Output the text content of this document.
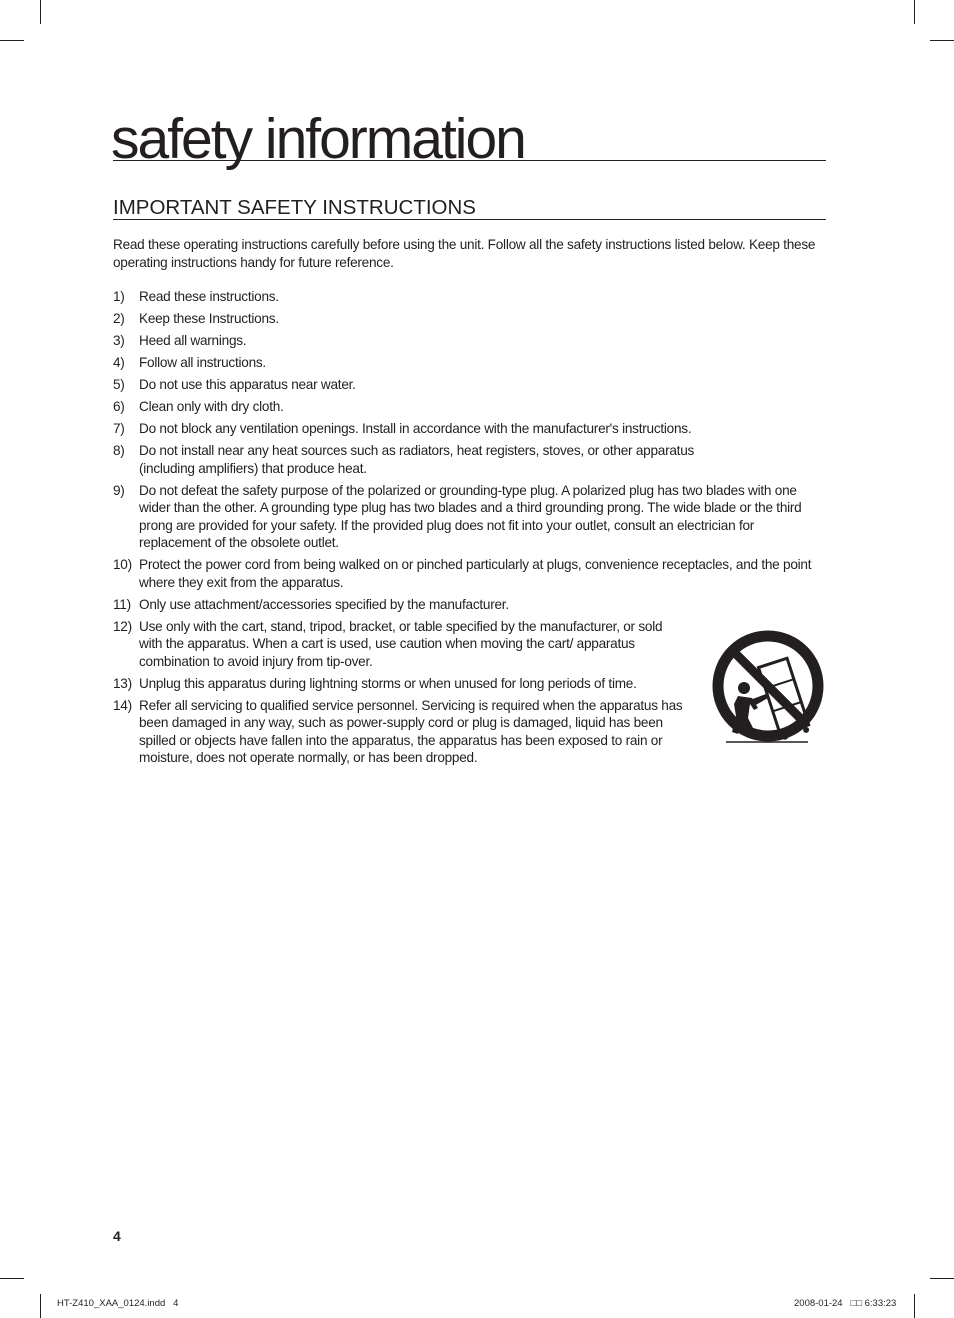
safety information
IMPORTANT SAFETY INSTRUCTIONS

Read these operating instructions carefully before using the unit. Follow all the safety instructions listed below. Keep these operating instructions handy for future reference.

1) Read these instructions.
2) Keep these Instructions.
3) Heed all warnings.
4) Follow all instructions.
5) Do not use this apparatus near water.
6) Clean only with dry cloth.
7) Do not block any ventilation openings. Install in accordance with the manufacturer's instructions.
8) Do not install near any heat sources such as radiators, heat registers, stoves, or other apparatus (including amplifiers) that produce heat.
9) Do not defeat the safety purpose of the polarized or grounding-type plug. A polarized plug has two blades with one wider than the other. A grounding type plug has two blades and a third grounding prong. The wide blade or the third prong are provided for your safety. If the provided plug does not fit into your outlet, consult an electrician for replacement of the obsolete outlet.
10) Protect the power cord from being walked on or pinched particularly at plugs, convenience receptacles, and the point where they exit from the apparatus.
11) Only use attachment/accessories specified by the manufacturer.
12) Use only with the cart, stand, tripod, bracket, or table specified by the manufacturer, or sold with the apparatus. When a cart is used, use caution when moving the cart/ apparatus combination to avoid injury from tip-over.
13) Unplug this apparatus during lightning storms or when unused for long periods of time.
14) Refer all servicing to qualified service personnel. Servicing is required when the apparatus has been damaged in any way, such as power-supply cord or plug is damaged, liquid has been spilled or objects have fallen into the apparatus, the apparatus has been exposed to rain or moisture, does not operate normally, or has been dropped.
4
HT-Z410_XAA_0124.indd   4	2008-01-24   □□ 6:33:23
